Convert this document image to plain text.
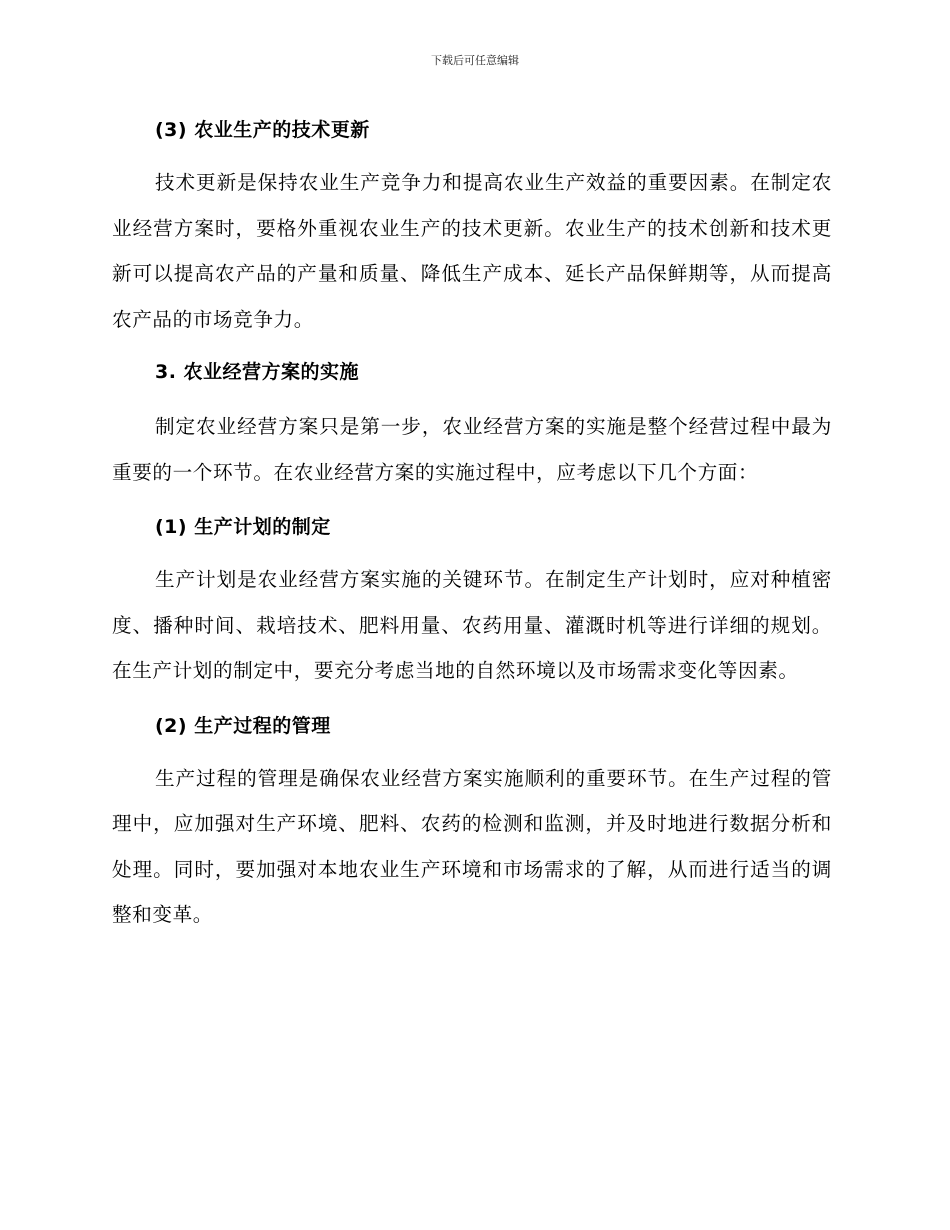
下载后可任意编辑
(3) 农业生产的技术更新

技术更新是保持农业生产竞争力和提高农业生产效益的重要因素。在制定农业经营方案时，要格外重视农业生产的技术更新。农业生产的技术创新和技术更新可以提高农产品的产量和质量、降低生产成本、延长产品保鲜期等，从而提高农产品的市场竞争力。

3. 农业经营方案的实施

制定农业经营方案只是第一步，农业经营方案的实施是整个经营过程中最为重要的一个环节。在农业经营方案的实施过程中，应考虑以下几个方面：

(1) 生产计划的制定

生产计划是农业经营方案实施的关键环节。在制定生产计划时，应对种植密度、播种时间、栽培技术、肥料用量、农药用量、灌溉时机等进行详细的规划。在生产计划的制定中，要充分考虑当地的自然环境以及市场需求变化等因素。

(2) 生产过程的管理

生产过程的管理是确保农业经营方案实施顺利的重要环节。在生产过程的管理中，应加强对生产环境、肥料、农药的检测和监测，并及时地进行数据分析和处理。同时，要加强对本地农业生产环境和市场需求的了解，从而进行适当的调整和变革。
